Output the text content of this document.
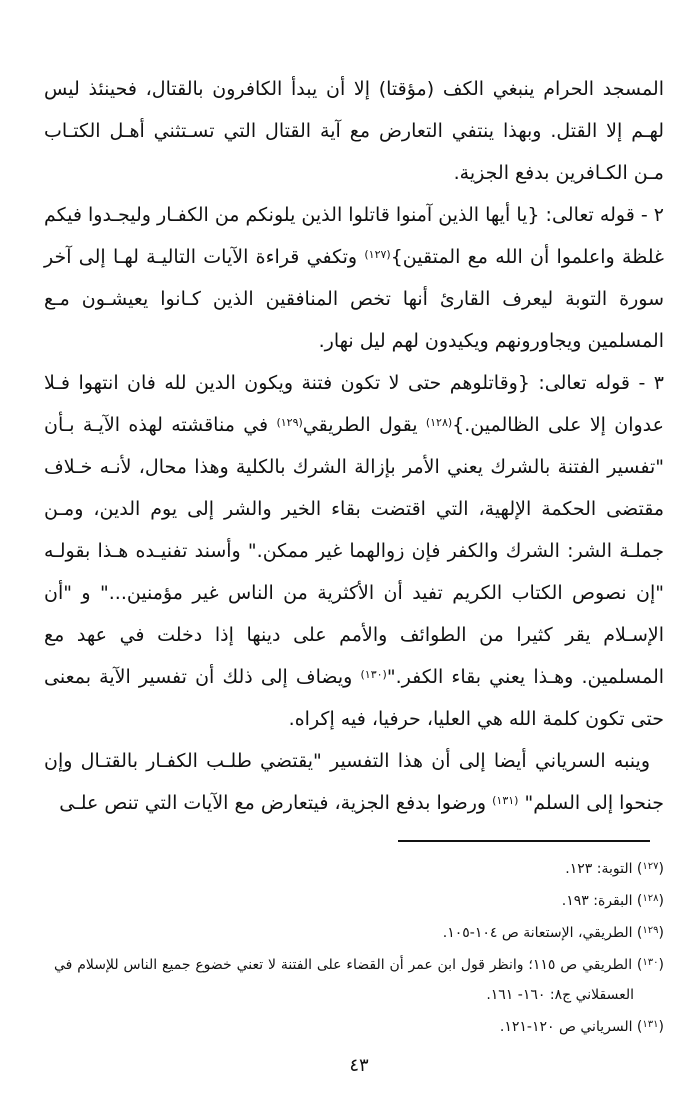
المسجد الحرام ينبغي الكف (مؤقتا) إلا أن يبدأ الكافرون بالقتال، فحينئذ ليس لهـم إلا القتل. وبهذا ينتفي التعارض مع آية القتال التي تسـتثني أهـل الكتـاب مـن الكـافرين بدفع الجزية.

٢ - قوله تعالى: {يا أيها الذين آمنوا قاتلوا الذين يلونكم من الكفـار وليجـدوا فيكم غلظة واعلموا أن الله مع المتقين}$^{(١٢٧)}$ وتكفي قراءة الآيات التاليـة لهـا إلى آخر سورة التوبة ليعرف القارئ أنها تخص المنافقين الذين كـانوا يعيشـون مـع المسلمين ويجاورونهم ويكيدون لهم ليل نهار.

٣ - قوله تعالى: {وقاتلوهم حتى لا تكون فتنة ويكون الدين لله فان انتهوا فـلا عدوان إلا على الظالمين.}$^{(١٢٨)}$ يقول الطريقي$^{(١٢٩)}$ في مناقشته لهذه الآيـة بـأن "تفسير الفتنة بالشرك يعني الأمر بإزالة الشرك بالكلية وهذا محال، لأنـه خـلاف مقتضى الحكمة الإلهية، التي اقتضت بقاء الخير والشر إلى يوم الدين، ومـن جملـة الشر: الشرك والكفر فإن زوالهما غير ممكن." وأسند تفنيـده هـذا بقولـه "إن نصوص الكتاب الكريم تفيد أن الأكثرية من الناس غير مؤمنين..." و "أن الإسـلام يقر كثيرا من الطوائف والأمم على دينها إذا دخلت في عهد مع المسلمين. وهـذا يعني بقاء الكفر."$^{(١٣٠)}$ ويضاف إلى ذلك أن تفسير الآية بمعنى حتى تكون كلمة الله هي العليا، حرفيا، فيه إكراه.

وينبه السرياني أيضا إلى أن هذا التفسير "يقتضي طلـب الكفـار بالقتـال وإن جنحوا إلى السلم" $^{(١٣١)}$ ورضوا بدفع الجزية، فيتعارض مع الآيات التي تنص علـى

($^{١٢٧}$) التوبة: ١٢٣.

($^{١٢٨}$) البقرة: ١٩٣.

($^{١٢٩}$) الطريقي، الإستعانة ص ١٠٤-١٠٥.

($^{١٣٠}$) الطريقي ص ١١٥؛ وانظر قول ابن عمر أن القضاء على الفتنة لا تعني خضوع جميع الناس للإسلام في العسقلاني ج٨: ١٦٠- ١٦١.

($^{١٣١}$) السرياني ص ١٢٠-١٢١.

٤٣
